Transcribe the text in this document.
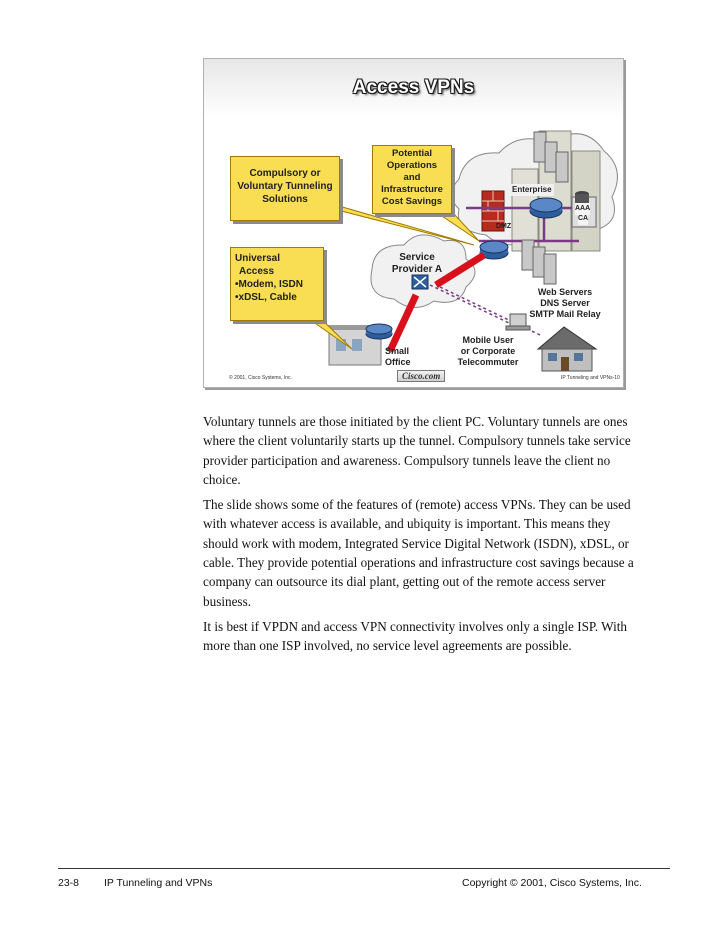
Access VPNs
Compulsory or
Voluntary Tunneling
Solutions
Universal
Access
•Modem, ISDN
•xDSL, Cable
Potential
Operations
and
Infrastructure
Cost Savings
Enterprise
AAA
CA
DMZ
Service
Provider A
Web Servers
DNS Server
SMTP Mail Relay
Mobile User
or Corporate
Telecommuter
Small
Office
Cisco.com
© 2001, Cisco Systems, Inc.	IP Tunneling and VPNs-10

Voluntary tunnels are those initiated by the client PC. Voluntary tunnels are ones where the client voluntarily starts up the tunnel. Compulsory tunnels take service provider participation and awareness. Compulsory tunnels leave the client no choice.

The slide shows some of the features of (remote) access VPNs. They can be used with whatever access is available, and ubiquity is important. This means they should work with modem, Integrated Service Digital Network (ISDN), xDSL, or cable. They provide potential operations and infrastructure cost savings because a company can outsource its dial plant, getting out of the remote access server business.

It is best if VPDN and access VPN connectivity involves only a single ISP. With more than one ISP involved, no service level agreements are possible.

23-8 IP Tunneling and VPNs	Copyright © 2001, Cisco Systems, Inc.
